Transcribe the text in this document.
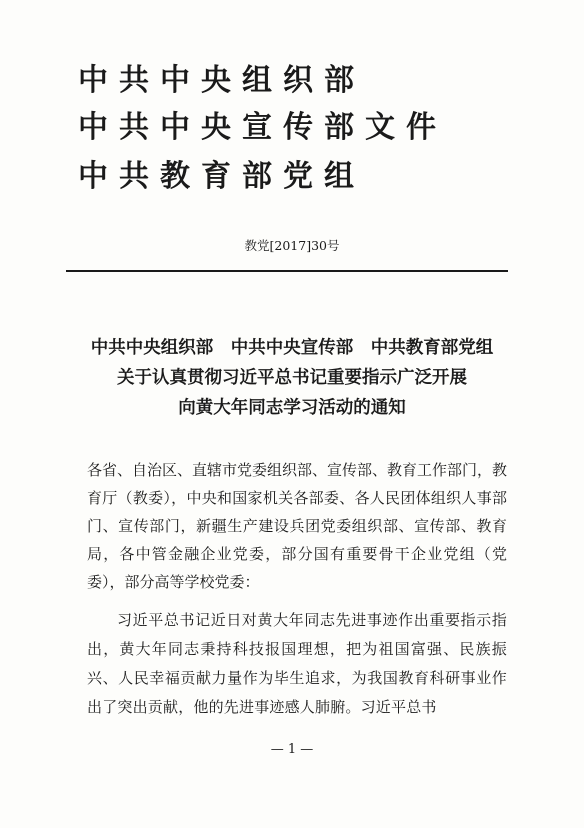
中共中央组织部
中共中央宣传部文件
中共教育部党组
教党[2017]30号
中共中央组织部　中共中央宣传部　中共教育部党组
关于认真贯彻习近平总书记重要指示广泛开展
向黄大年同志学习活动的通知
各省、自治区、直辖市党委组织部、宣传部、教育工作部门，教育厅（教委），中央和国家机关各部委、各人民团体组织人事部门、宣传部门，新疆生产建设兵团党委组织部、宣传部、教育局，各中管金融企业党委，部分国有重要骨干企业党组（党委），部分高等学校党委：
习近平总书记近日对黄大年同志先进事迹作出重要指示指出，黄大年同志秉持科技报国理想，把为祖国富强、民族振兴、人民幸福贡献力量作为毕生追求，为我国教育科研事业作出了突出贡献，他的先进事迹感人肺腑。习近平总书
— 1 —
